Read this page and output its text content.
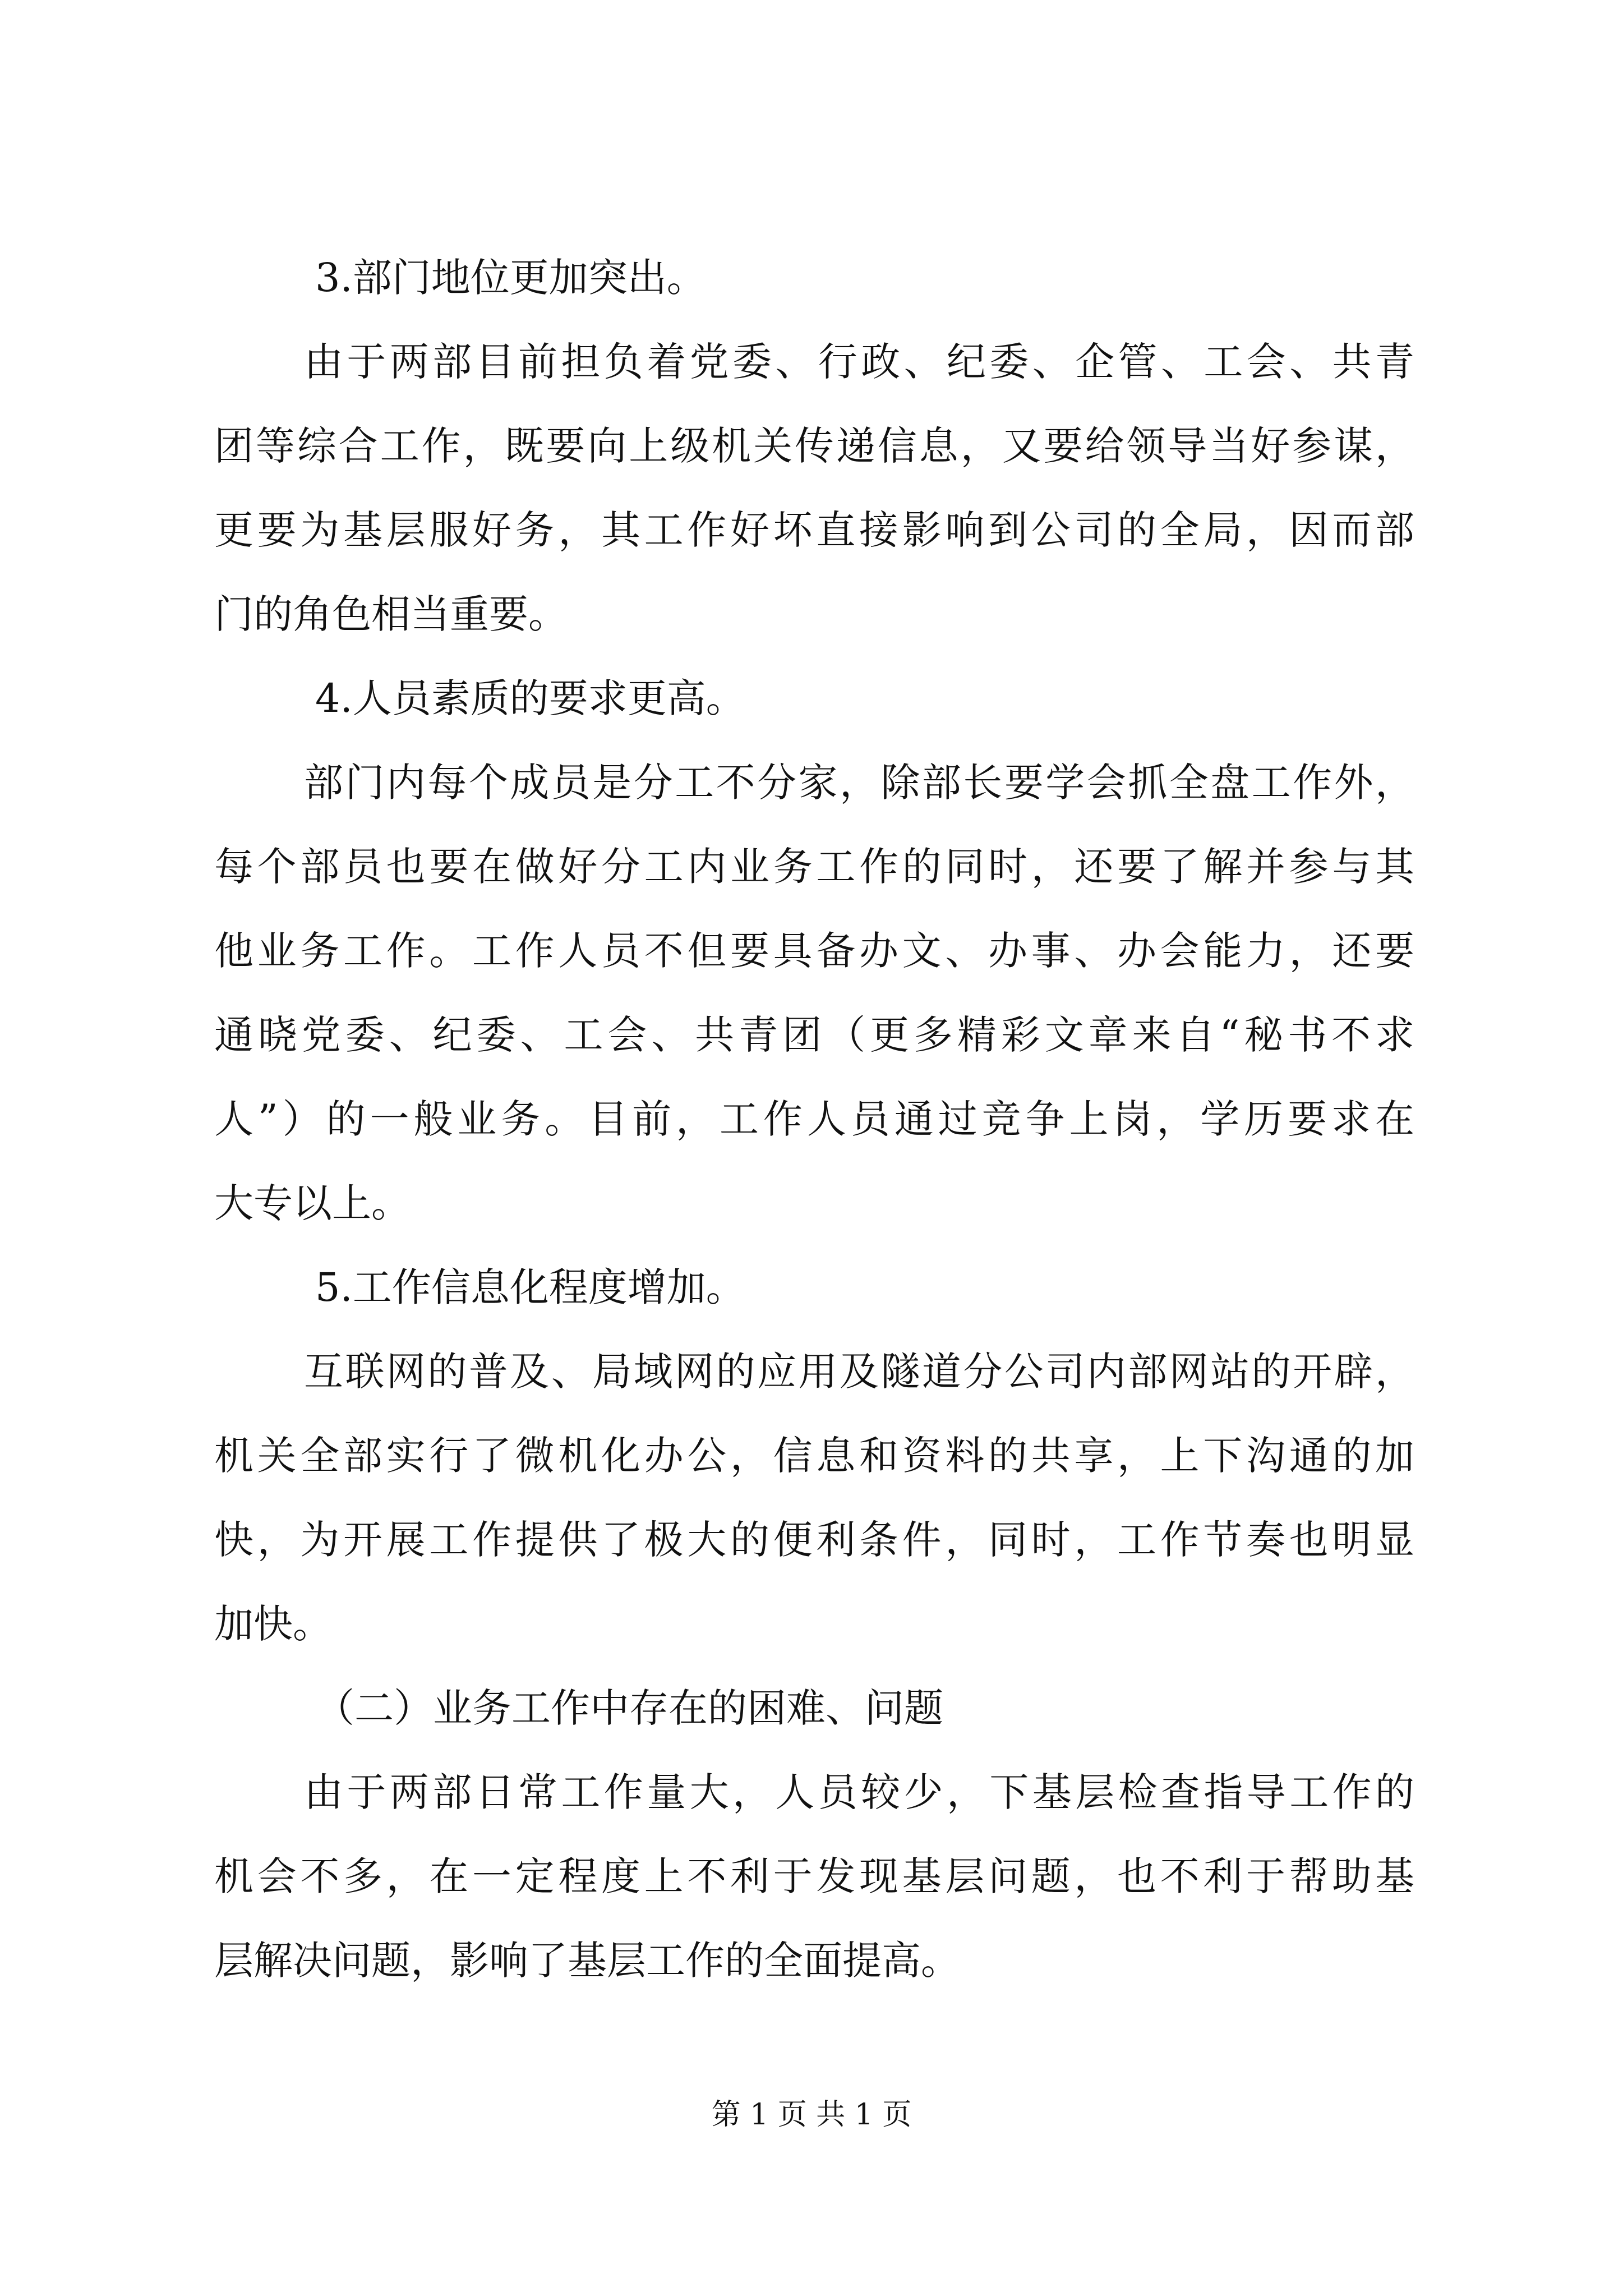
3.部门地位更加突出。

由于两部目前担负着党委、行政、纪委、企管、工会、共青
团等综合工作，既要向上级机关传递信息，又要给领导当好参谋，
更要为基层服好务，其工作好坏直接影响到公司的全局，因而部
门的角色相当重要。

4.人员素质的要求更高。

部门内每个成员是分工不分家，除部长要学会抓全盘工作外，
每个部员也要在做好分工内业务工作的同时，还要了解并参与其
他业务工作。工作人员不但要具备办文、办事、办会能力，还要
通晓党委、纪委、工会、共青团（更多精彩文章来自“秘书不求
人”）的一般业务。目前，工作人员通过竞争上岗，学历要求在
大专以上。

5.工作信息化程度增加。

互联网的普及、局域网的应用及隧道分公司内部网站的开辟，
机关全部实行了微机化办公，信息和资料的共享，上下沟通的加
快，为开展工作提供了极大的便利条件，同时，工作节奏也明显
加快。

（二）业务工作中存在的困难、问题

由于两部日常工作量大，人员较少，下基层检查指导工作的
机会不多，在一定程度上不利于发现基层问题，也不利于帮助基
层解决问题，影响了基层工作的全面提高。
第 1 页 共 1 页
